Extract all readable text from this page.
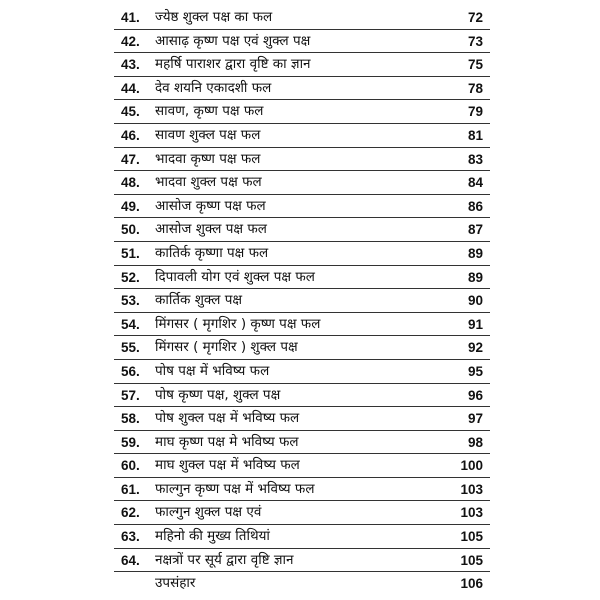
41. ज्येष्ठ शुक्ल पक्ष का फल	72
42. आसाढ़ कृष्ण पक्ष एवं शुक्ल पक्ष	73
43. महर्षि पाराशर द्वारा वृष्टि का ज्ञान	75
44. देव शयनि एकादशी फल	78
45. सावण, कृष्ण पक्ष फल	79
46. सावण शुक्ल पक्ष फल	81
47. भादवा कृष्ण पक्ष फल	83
48. भादवा शुक्ल पक्ष फल	84
49. आसोज कृष्ण पक्ष फल	86
50. आसोज शुक्ल पक्ष फल	87
51. कातिर्क कृष्णा पक्ष फल	89
52. दिपावली योग एवं शुक्ल पक्ष फल	89
53. कार्तिक शुक्ल पक्ष	90
54. मिंगसर ( मृगशिर ) कृष्ण पक्ष फल	91
55. मिंगसर ( मृगशिर ) शुक्ल पक्ष	92
56. पोष पक्ष में भविष्य फल	95
57. पोष कृष्ण पक्ष, शुक्ल पक्ष	96
58. पोष शुक्ल पक्ष में भविष्य फल	97
59. माघ कृष्ण पक्ष मे भविष्य फल	98
60. माघ शुक्ल पक्ष में भविष्य फल	100
61. फाल्गुन कृष्ण पक्ष में भविष्य फल	103
62. फाल्गुन शुक्ल पक्ष एवं	103
63. महिनो की मुख्य तिथियां	105
64. नक्षत्रों पर सूर्य द्वारा वृष्टि ज्ञान	105
उपसंहार	106
